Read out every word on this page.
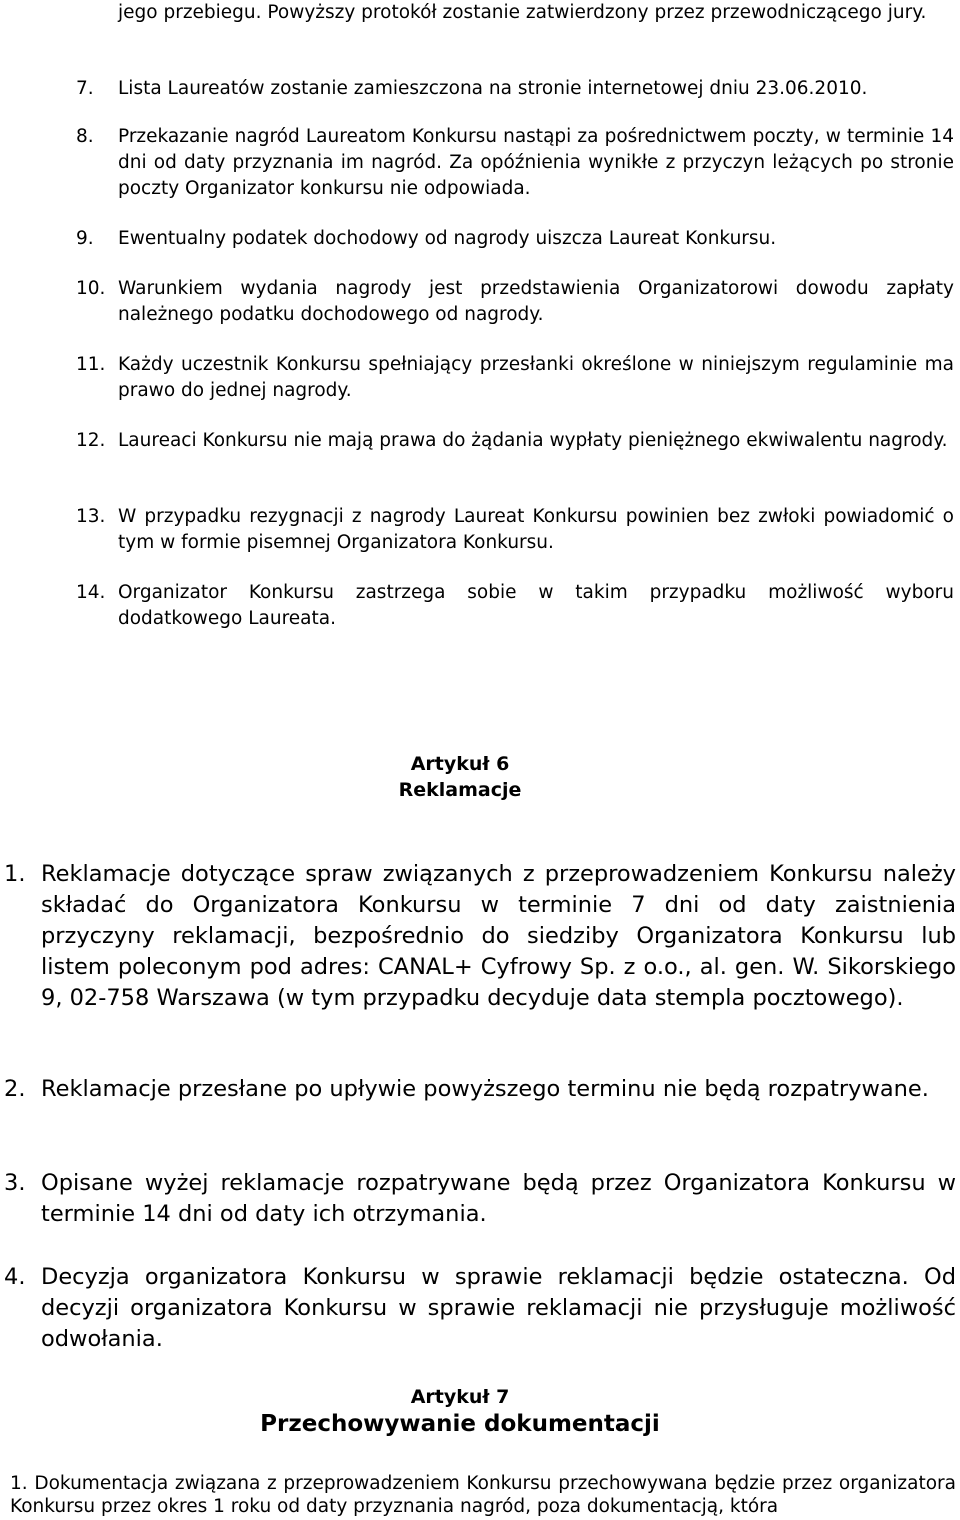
jego przebiegu. Powyższy protokół zostanie zatwierdzony przez przewodniczącego jury.
7. Lista Laureatów zostanie zamieszczona na stronie internetowej dniu 23.06.2010.
8. Przekazanie nagród Laureatom Konkursu nastąpi za pośrednictwem poczty, w terminie 14 dni od daty przyznania im nagród. Za opóźnienia wynikłe z przyczyn leżących po stronie poczty Organizator konkursu nie odpowiada.
9. Ewentualny podatek dochodowy od nagrody uiszcza Laureat Konkursu.
10. Warunkiem wydania nagrody jest przedstawienia Organizatorowi dowodu zapłaty należnego podatku dochodowego od nagrody.
11. Każdy uczestnik Konkursu spełniający przesłanki określone w niniejszym regulaminie ma prawo do jednej nagrody.
12. Laureaci Konkursu nie mają prawa do żądania wypłaty pieniężnego ekwiwalentu nagrody.
13. W przypadku rezygnacji z nagrody Laureat Konkursu powinien bez zwłoki powiadomić o tym w formie pisemnej Organizatora Konkursu.
14. Organizator Konkursu zastrzega sobie w takim przypadku możliwość wyboru dodatkowego Laureata.
Artykuł 6
Reklamacje
1. Reklamacje dotyczące spraw związanych z przeprowadzeniem Konkursu należy składać do Organizatora Konkursu w terminie 7 dni od daty zaistnienia przyczyny reklamacji, bezpośrednio do siedziby Organizatora Konkursu lub listem poleconym pod adres: CANAL+ Cyfrowy Sp. z o.o., al. gen. W. Sikorskiego 9, 02-758 Warszawa (w tym przypadku decyduje data stempla pocztowego).
2. Reklamacje przesłane po upływie powyższego terminu nie będą rozpatrywane.
3. Opisane wyżej reklamacje rozpatrywane będą przez Organizatora Konkursu w terminie 14 dni od daty ich otrzymania.
4. Decyzja organizatora Konkursu w sprawie reklamacji będzie ostateczna. Od decyzji organizatora Konkursu w sprawie reklamacji nie przysługuje możliwość odwołania.
Artykuł 7
Przechowywanie dokumentacji
1. Dokumentacja związana z przeprowadzeniem Konkursu przechowywana będzie przez organizatora Konkursu przez okres 1 roku od daty przyznania nagród, poza dokumentacją, która
